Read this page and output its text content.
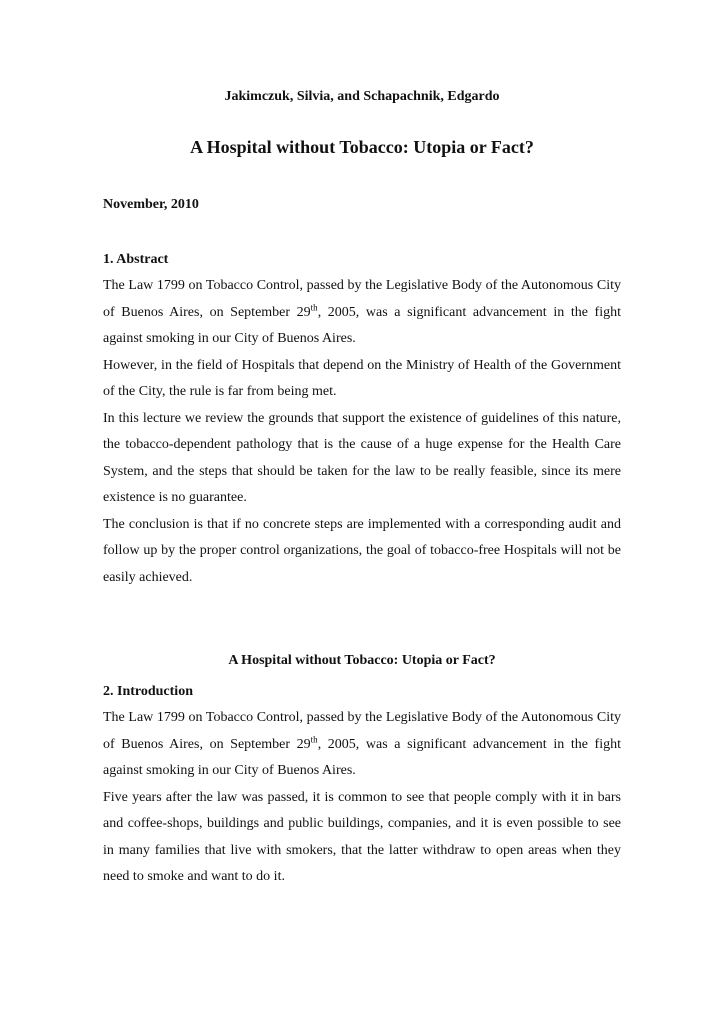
Jakimczuk, Silvia, and Schapachnik, Edgardo
A Hospital without Tobacco: Utopia or Fact?
November, 2010
1. Abstract

The Law 1799 on Tobacco Control, passed by the Legislative Body of the Autonomous City of Buenos Aires, on September 29th, 2005, was a significant advancement in the fight against smoking in our City of Buenos Aires.

However, in the field of Hospitals that depend on the Ministry of Health of the Government of the City, the rule is far from being met.

In this lecture we review the grounds that support the existence of guidelines of this nature, the tobacco-dependent pathology that is the cause of a huge expense for the Health Care System, and the steps that should be taken for the law to be really feasible, since its mere existence is no guarantee.

The conclusion is that if no concrete steps are implemented with a corresponding audit and follow up by the proper control organizations, the goal of tobacco-free Hospitals will not be easily achieved.

A Hospital without Tobacco: Utopia or Fact?
2. Introduction

The Law 1799 on Tobacco Control, passed by the Legislative Body of the Autonomous City of Buenos Aires, on September 29th, 2005, was a significant advancement in the fight against smoking in our City of Buenos Aires.

Five years after the law was passed, it is common to see that people comply with it in bars and coffee-shops, buildings and public buildings, companies, and it is even possible to see in many families that live with smokers, that the latter withdraw to open areas when they need to smoke and want to do it.
